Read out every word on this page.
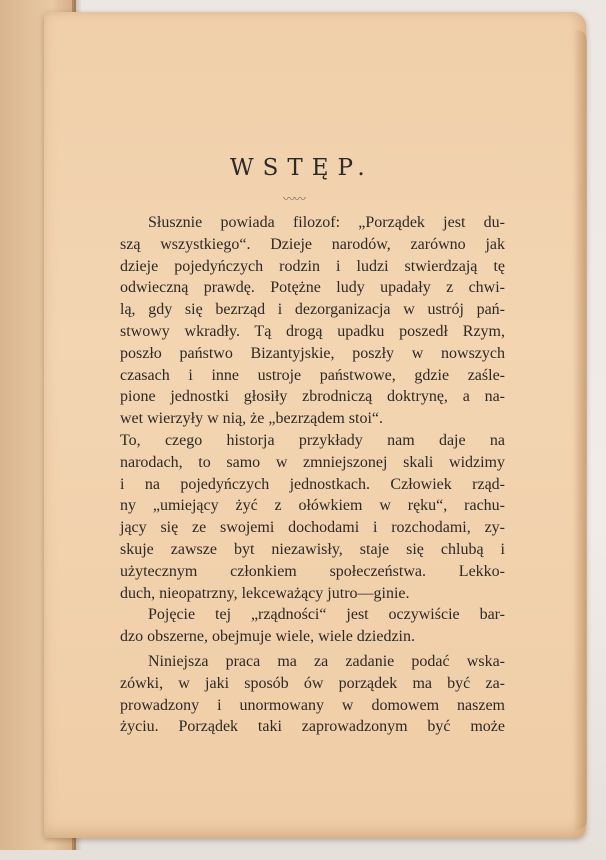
WSTĘP.
〰〰
Słusznie powiada filozof: „Porządek jest du-
szą wszystkiego“. Dzieje narodów, zarówno jak
dzieje pojedyńczych rodzin i ludzi stwierdzają tę
odwieczną prawdę. Potężne ludy upadały z chwi-
lą, gdy się bezrząd i dezorganizacja w ustrój pań-
stwowy wkradły. Tą drogą upadku poszedł Rzym,
poszło państwo Bizantyjskie, poszły w nowszych
czasach i inne ustroje państwowe, gdzie zaśle-
pione jednostki głosiły zbrodniczą doktrynę, a na-
wet wierzyły w nią, że „bezrządem stoi“.
To, czego historja przykłady nam daje na
narodach, to samo w zmniejszonej skali widzimy
i na pojedyńczych jednostkach. Człowiek rząd-
ny „umiejący żyć z ołówkiem w ręku“, rachu-
jący się ze swojemi dochodami i rozchodami, zy-
skuje zawsze byt niezawisły, staje się chlubą i
użytecznym członkiem społeczeństwa. Lekko-
duch, nieopatrzny, lekceważący jutro—ginie.
Pojęcie tej „rządności“ jest oczywiście bar-
dzo obszerne, obejmuje wiele, wiele dziedzin.
Niniejsza praca ma za zadanie podać wska-
zówki, w jaki sposób ów porządek ma być za-
prowadzony i unormowany w domowem naszem
życiu. Porządek taki zaprowadzonym być może
